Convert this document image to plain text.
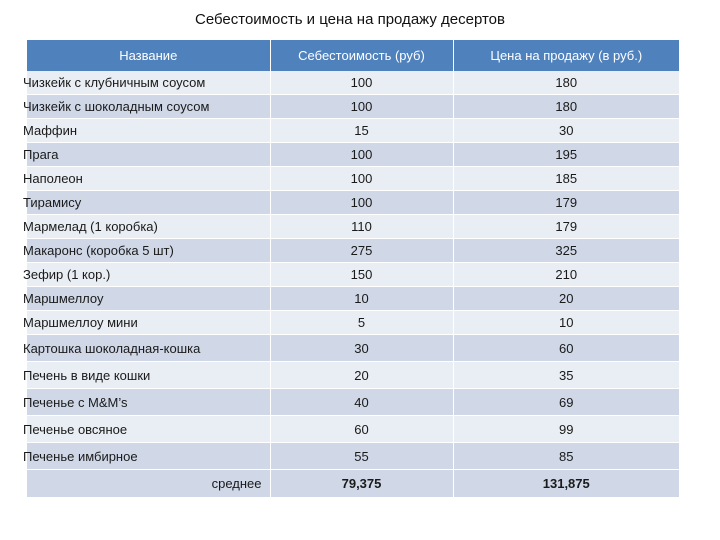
Себестоимость и цена на продажу десертов
Название	Себестоимость (руб)	Цена на продажу (в руб.)
Чизкейк с клубничным соусом	100	180
Чизкейк с шоколадным соусом	100	180
Маффин	15	30
Прага	100	195
Наполеон	100	185
Тирамису	100	179
Мармелад (1 коробка)	110	179
Макаронс (коробка 5 шт)	275	325
Зефир (1 кор.)	150	210
Маршмеллоу	10	20
Маршмеллоу мини	5	10
Картошка шоколадная-кошка	30	60
Печень в виде кошки	20	35
Печенье с M&M’s	40	69
Печенье овсяное	60	99
Печенье имбирное	55	85
среднее	79,375	131,875
